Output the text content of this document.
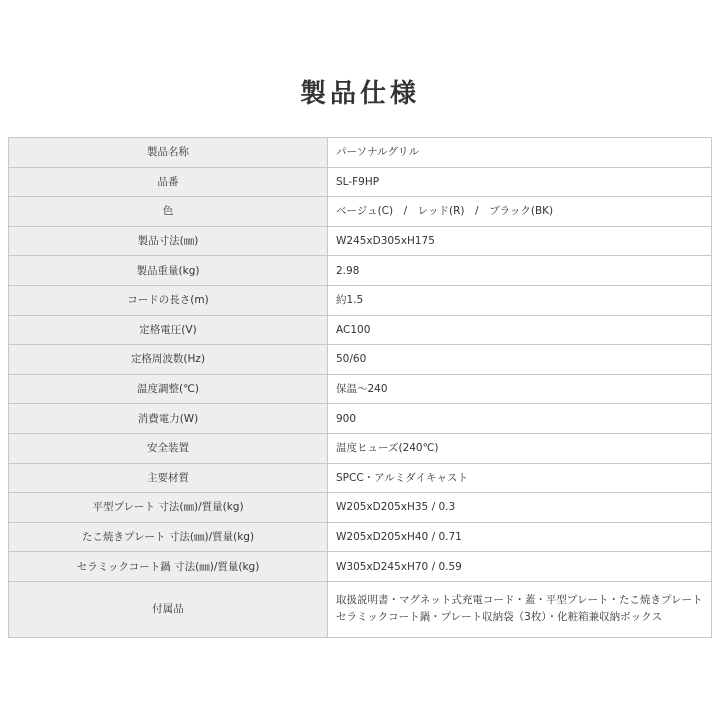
製品仕様
製品名称	パーソナルグリル
品番	SL-F9HP
色	ベージュ(C)　/　レッド(R)　/　ブラック(BK)
製品寸法(㎜)	W245xD305xH175
製品重量(kg)	2.98
コードの長さ(m)	約1.5
定格電圧(V)	AC100
定格周波数(Hz)	50/60
温度調整(℃)	保温～240
消費電力(W)	900
安全装置	温度ヒューズ(240℃)
主要材質	SPCC・アルミダイキャスト
平型プレート 寸法(㎜)/質量(kg)	W205xD205xH35 / 0.3
たこ焼きプレート 寸法(㎜)/質量(kg)	W205xD205xH40 / 0.71
セラミックコート鍋 寸法(㎜)/質量(kg)	W305xD245xH70 / 0.59
付属品	取扱説明書・マグネット式充電コード・蓋・平型プレート・たこ焼きプレート
セラミックコート鍋・プレート収納袋（3枚）・化粧箱兼収納ボックス
